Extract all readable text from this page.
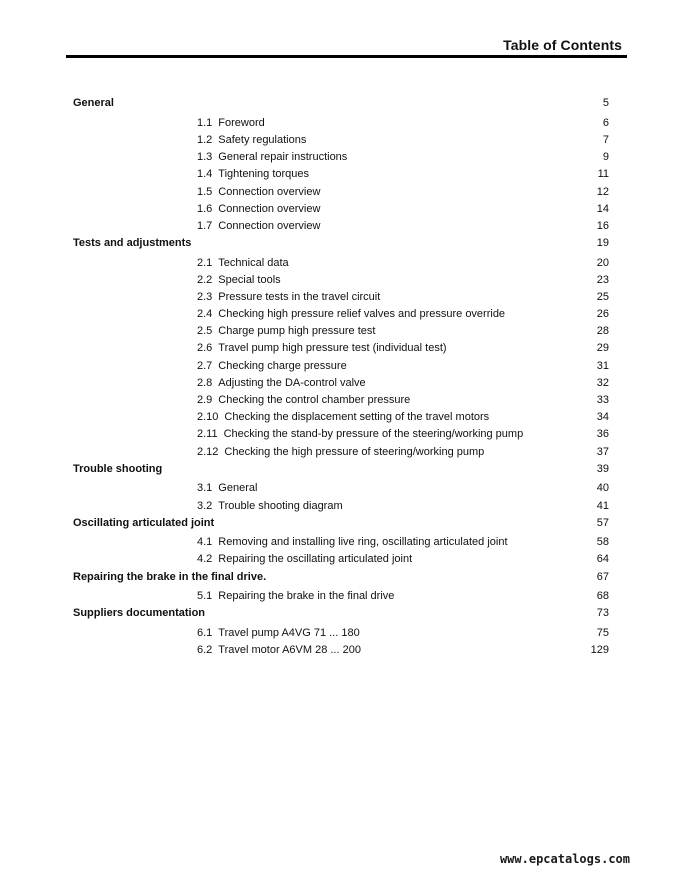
Table of Contents
General	5
1.1 Foreword	6
1.2 Safety regulations	7
1.3 General repair instructions	9
1.4 Tightening torques	11
1.5 Connection overview	12
1.6 Connection overview	14
1.7 Connection overview	16
Tests and adjustments	19
2.1 Technical data	20
2.2 Special tools	23
2.3 Pressure tests in the travel circuit	25
2.4 Checking high pressure relief valves and pressure override	26
2.5 Charge pump high pressure test	28
2.6 Travel pump high pressure test (individual test)	29
2.7 Checking charge pressure	31
2.8 Adjusting the DA-control valve	32
2.9 Checking the control chamber pressure	33
2.10 Checking the displacement setting of the travel motors	34
2.11 Checking the stand-by pressure of the steering/working pump	36
2.12 Checking the high pressure of steering/working pump	37
Trouble shooting	39
3.1 General	40
3.2 Trouble shooting diagram	41
Oscillating articulated joint	57
4.1 Removing and installing live ring, oscillating articulated joint	58
4.2 Repairing the oscillating articulated joint	64
Repairing the brake in the final drive.	67
5.1 Repairing the brake in the final drive	68
Suppliers documentation	73
6.1 Travel pump A4VG 71 ... 180	75
6.2 Travel motor A6VM 28 ... 200	129
www.epcatalogs.com
